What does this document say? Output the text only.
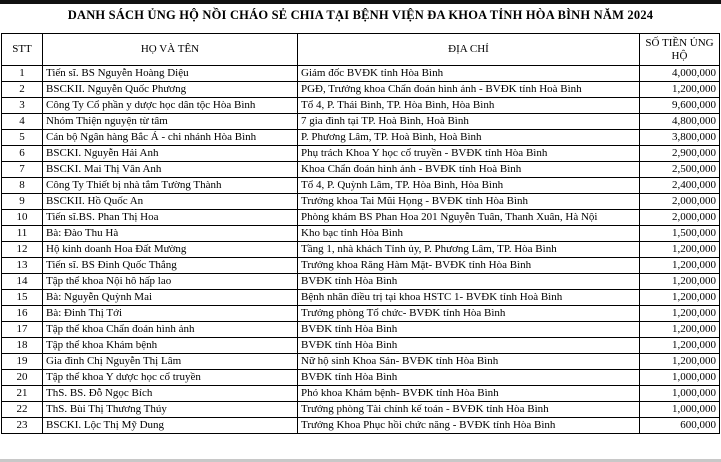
DANH SÁCH ỦNG HỘ NỒI CHÁO SẺ CHIA TẠI BỆNH VIỆN ĐA KHOA TỈNH HÒA BÌNH NĂM 2024
STT	HỌ VÀ TÊN	ĐỊA CHỈ	SỐ TIỀN ỦNG HỘ
1	Tiến sĩ. BS Nguyễn Hoàng Diệu	Giám đốc BVĐK tỉnh Hòa Bình	4,000,000
2	BSCKII. Nguyễn Quốc Phương	PGĐ, Trưởng khoa Chẩn đoán hình ảnh - BVĐK tỉnh Hoà Bình	1,200,000
3	Công Ty Cổ phần y dược học dân tộc Hòa Bình	Tổ 4, P. Thái Bình, TP. Hòa Bình, Hòa Bình	9,600,000
4	Nhóm Thiện nguyện từ tâm	7 gia đình tại TP. Hoà Bình, Hoà Bình	4,800,000
5	Cán bộ Ngân hàng Bắc Á - chi nhánh Hòa Bình	P. Phương Lâm, TP. Hoà Bình, Hoà Bình	3,800,000
6	BSCKI. Nguyễn Hải Anh	Phụ trách Khoa Y học cổ truyền - BVĐK tỉnh Hòa Bình	2,900,000
7	BSCKI. Mai Thị Vân Anh	Khoa Chẩn đoán hình ảnh - BVĐK tỉnh Hoà Bình	2,500,000
8	Công Ty Thiết bị nhà tắm Tường Thành	Tổ 4, P. Quỳnh Lâm, TP. Hòa Bình, Hòa Bình	2,400,000
9	BSCKII. Hồ Quốc An	Trưởng khoa Tai Mũi Họng - BVĐK tỉnh Hòa Bình	2,000,000
10	Tiến sĩ.BS. Phan Thị Hoa	Phòng khám BS Phan Hoa 201 Nguyễn Tuân, Thanh Xuân, Hà Nội	2,000,000
11	Bà: Đào Thu Hà	Kho bạc tỉnh Hòa Bình	1,500,000
12	Hộ kinh doanh Hoa Đất Mường	Tầng 1, nhà khách Tỉnh ủy, P. Phương Lâm, TP. Hòa Bình	1,200,000
13	Tiến sĩ. BS Đinh Quốc Thắng	Trưởng khoa Răng Hàm Mặt- BVĐK tỉnh Hòa Bình	1,200,000
14	Tập thể khoa Nội hô hấp lao	BVĐK tỉnh Hòa Bình	1,200,000
15	Bà: Nguyễn Quỳnh Mai	Bệnh nhân điều trị tại khoa HSTC 1- BVĐK tỉnh Hoà Bình	1,200,000
16	Bà: Đinh Thị Tới	Trưởng phòng Tổ chức- BVĐK tỉnh Hòa Bình	1,200,000
17	Tập thể khoa Chẩn đoán hình ảnh	BVĐK tỉnh Hòa Bình	1,200,000
18	Tập thể khoa Khám bệnh	BVĐK tỉnh Hòa Bình	1,200,000
19	Gia đình Chị Nguyễn Thị Lâm	Nữ hộ sinh Khoa Sản- BVĐK tỉnh Hòa Bình	1,200,000
20	Tập thể khoa Y dược học cổ truyền	BVĐK tỉnh Hòa Bình	1,000,000
21	ThS. BS. Đỗ Ngọc Bích	Phó khoa Khám bệnh- BVĐK tỉnh Hòa Bình	1,000,000
22	ThS. Bùi Thị Thương Thúy	Trưởng phòng Tài chính kế toán - BVĐK tỉnh Hòa Bình	1,000,000
23	BSCKI. Lộc Thị Mỹ Dung	Trưởng Khoa Phục hồi chức năng - BVĐK tỉnh Hòa Bình	600,000
